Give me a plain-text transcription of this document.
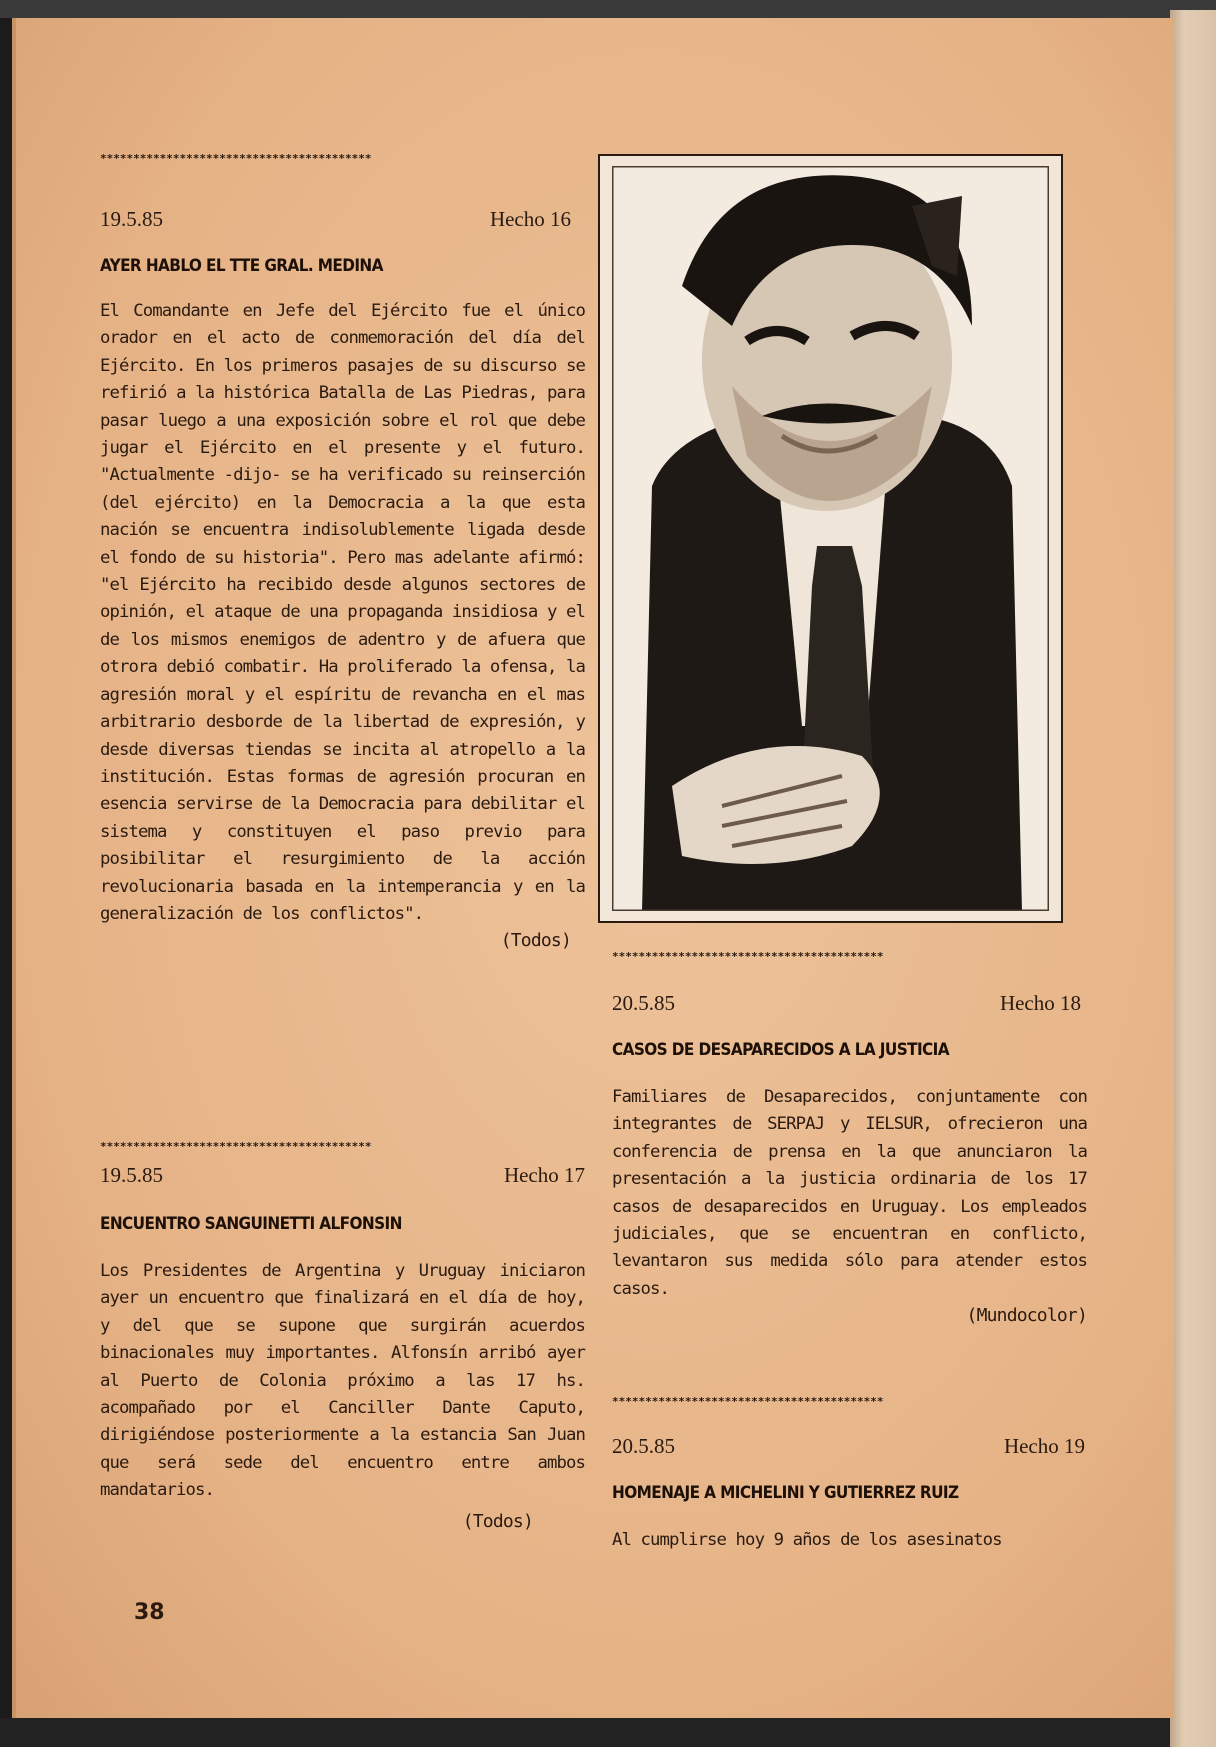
*****************************************
19.5.85	Hecho 16
AYER HABLO EL TTE GRAL. MEDINA
El Comandante en Jefe del Ejército fue el único orador en el acto de conmemoración del día del Ejército. En los primeros pasajes de su discurso se refirió a la histórica Batalla de Las Piedras, para pasar luego a una exposición sobre el rol que debe jugar el Ejército en el presente y el futuro. "Actualmente -dijo- se ha verificado su reinserción (del ejército) en la Democracia a la que esta nación se encuentra indisolublemente ligada desde el fondo de su historia". Pero mas adelante afirmó: "el Ejército ha recibido desde algunos sectores de opinión, el ataque de una propaganda insidiosa y el de los mismos enemigos de adentro y de afuera que otrora debió combatir. Ha proliferado la ofensa, la agresión moral y el espíritu de revancha en el mas arbitrario desborde de la libertad de expresión, y desde diversas tiendas se incita al atropello a la institución. Estas formas de agresión procuran en esencia servirse de la Democracia para debilitar el sistema y constituyen el paso previo para posibilitar el resurgimiento de la acción revolucionaria basada en la intemperancia y en la generalización de los conflictos".
(Todos)
*****************************************
19.5.85	Hecho 17
ENCUENTRO SANGUINETTI ALFONSIN
Los Presidentes de Argentina y Uruguay iniciaron ayer un encuentro que finalizará en el día de hoy, y del que se supone que surgirán acuerdos binacionales muy importantes. Alfonsín arribó ayer al Puerto de Colonia próximo a las 17 hs. acompañado por el Canciller Dante Caputo, dirigiéndose posteriormente a la estancia San Juan que será sede del encuentro entre ambos mandatarios.
(Todos)
38
*****************************************
20.5.85	Hecho 18
CASOS DE DESAPARECIDOS A LA JUSTICIA
Familiares de Desaparecidos, conjuntamente con integrantes de SERPAJ y IELSUR, ofrecieron una conferencia de prensa en la que anunciaron la presentación a la justicia ordinaria de los 17 casos de desaparecidos en Uruguay. Los empleados judiciales, que se encuentran en conflicto, levantaron sus medida sólo para atender estos casos.
(Mundocolor)
*****************************************
20.5.85	Hecho 19
HOMENAJE A MICHELINI Y GUTIERREZ RUIZ
Al cumplirse hoy 9 años de los asesinatos
